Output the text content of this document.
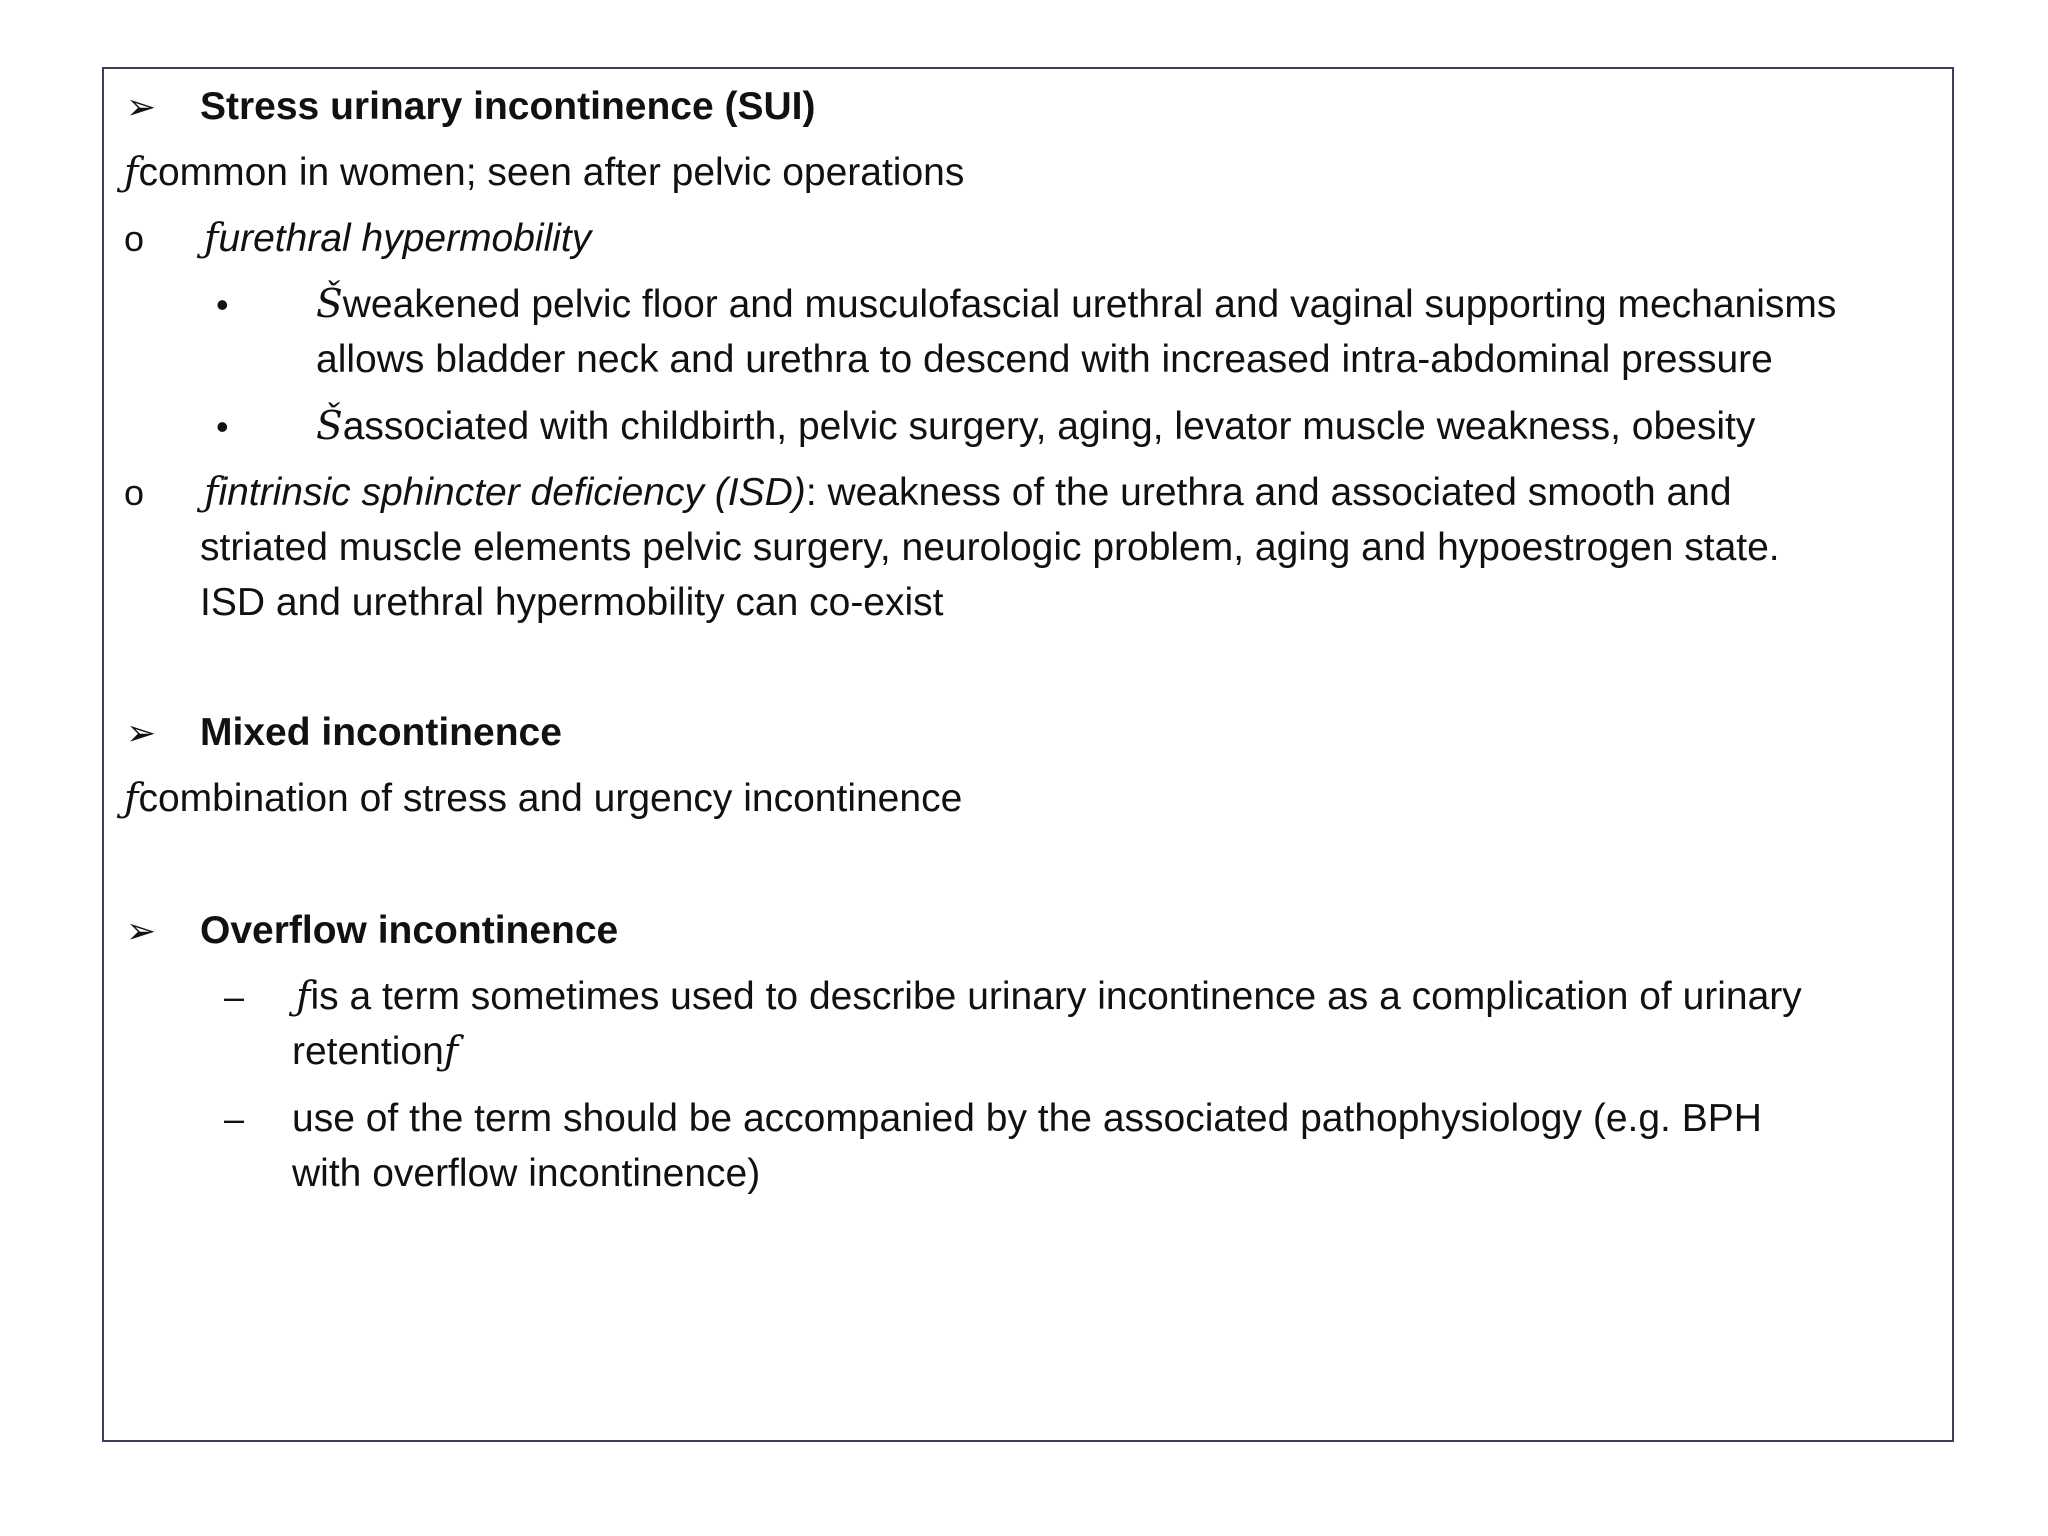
➢ Stress urinary incontinence (SUI)
ƒcommon in women; seen after pelvic operations
o ƒurethral hypermobility
• Šweakened pelvic floor and musculofascial urethral and vaginal supporting mechanisms
allows bladder neck and urethra to descend with increased intra-abdominal pressure
• Šassociated with childbirth, pelvic surgery, aging, levator muscle weakness, obesity
o ƒintrinsic sphincter deficiency (ISD): weakness of the urethra and associated smooth and
striated muscle elements pelvic surgery, neurologic problem, aging and hypoestrogen state.
ISD and urethral hypermobility can co-exist
➢ Mixed incontinence
ƒcombination of stress and urgency incontinence
➢ Overflow incontinence
– ƒis a term sometimes used to describe urinary incontinence as a complication of urinary
retentionƒ
– use of the term should be accompanied by the associated pathophysiology (e.g. BPH
with overflow incontinence)
